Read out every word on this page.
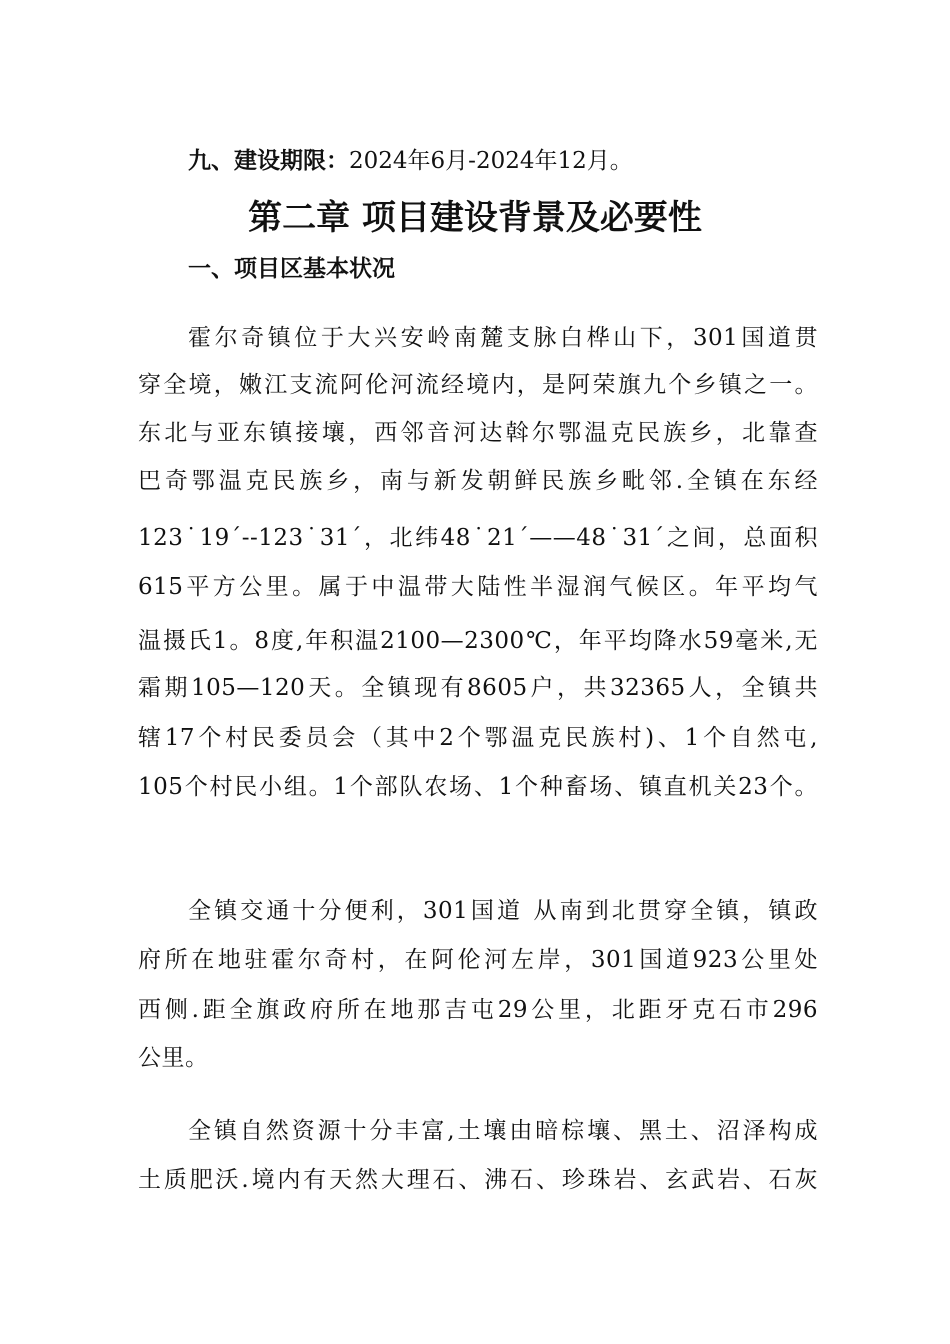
九、建设期限：2024年6月-2024年12月。

第二章 项目建设背景及必要性
一、项目区基本状况

霍尔奇镇位于大兴安岭南麓支脉白桦山下，301国道贯

穿全境，嫩江支流阿伦河流经境内，是阿荣旗九个乡镇之一。

东北与亚东镇接壤，西邻音河达斡尔鄂温克民族乡，北靠查

巴奇鄂温克民族乡，南与新发朝鲜民族乡毗邻.全镇在东经

123˙19´--123˙31´，北纬48˙21´——48˙31´之间，总面积

615平方公里。属于中温带大陆性半湿润气候区。年平均气

温摄氏1。8度,年积温2100—2300℃，年平均降水59毫米,无

霜期105—120天。全镇现有8605户，共32365人，全镇共

辖17个村民委员会（其中2个鄂温克民族村)、1个自然屯,

105个村民小组。1个部队农场、1个种畜场、镇直机关23个。

全镇交通十分便利，301国道 从南到北贯穿全镇，镇政

府所在地驻霍尔奇村，在阿伦河左岸，301国道923公里处

西侧.距全旗政府所在地那吉屯29公里，北距牙克石市296

公里。

全镇自然资源十分丰富,土壤由暗棕壤、黑土、沼泽构成

土质肥沃.境内有天然大理石、沸石、珍珠岩、玄武岩、石灰
